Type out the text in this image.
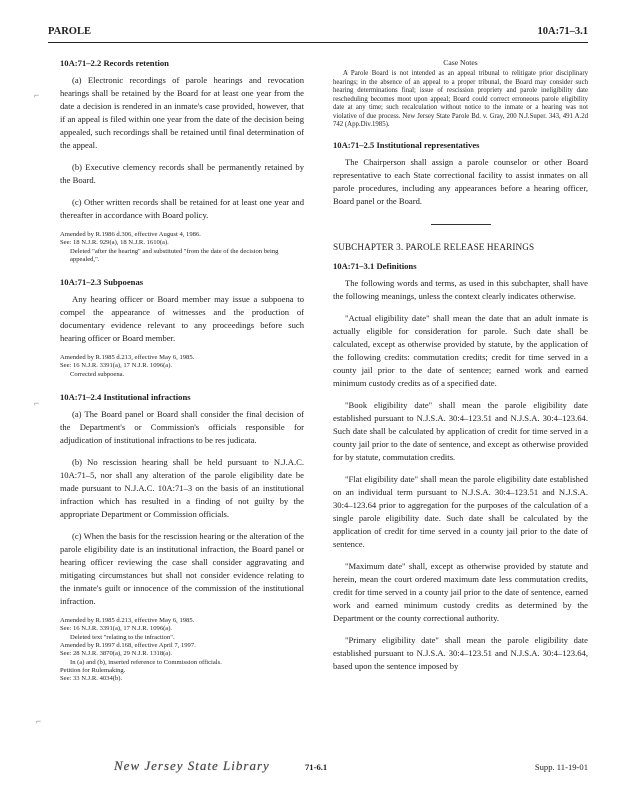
PAROLE	10A:71–3.1
⌐
⌐
⌐
10A:71–2.2 Records retention
(a) Electronic recordings of parole hearings and revocation hearings shall be retained by the Board for at least one year from the date a decision is rendered in an inmate's case provided, however, that if an appeal is filed within one year from the date of the decision being appealed, such recordings shall be retained until final determination of the appeal.
(b) Executive clemency records shall be permanently retained by the Board.
(c) Other written records shall be retained for at least one year and thereafter in accordance with Board policy.
Amended by R.1986 d.306, effective August 4, 1986.
See: 18 N.J.R. 929(a), 18 N.J.R. 1610(a).
Deleted "after the hearing" and substituted "from the date of the decision being appealed,".
10A:71–2.3 Subpoenas
Any hearing officer or Board member may issue a subpoena to compel the appearance of witnesses and the production of documentary evidence relevant to any proceedings before such hearing officer or Board member.
Amended by R.1985 d.213, effective May 6, 1985.
See: 16 N.J.R. 3391(a), 17 N.J.R. 1096(a).
Corrected subpoena.
10A:71–2.4 Institutional infractions
(a) The Board panel or Board shall consider the final decision of the Department's or Commission's officials responsible for adjudication of institutional infractions to be res judicata.
(b) No rescission hearing shall be held pursuant to N.J.A.C. 10A:71–5, nor shall any alteration of the parole eligibility date be made pursuant to N.J.A.C. 10A:71–3 on the basis of an institutional infraction which has resulted in a finding of not guilty by the appropriate Department or Commission officials.
(c) When the basis for the rescission hearing or the alteration of the parole eligibility date is an institutional infraction, the Board panel or hearing officer reviewing the case shall consider aggravating and mitigating circumstances but shall not consider evidence relating to the inmate's guilt or innocence of the commission of the institutional infraction.
Amended by R.1985 d.213, effective May 6, 1985.
See: 16 N.J.R. 3391(a), 17 N.J.R. 1096(a).
Deleted text "relating to the infraction".
Amended by R.1997 d.168, effective April 7, 1997.
See: 28 N.J.R. 3870(a), 29 N.J.R. 1318(a).
In (a) and (b), inserted reference to Commission officials.
Petition for Rulemaking.
See: 33 N.J.R. 4034(b).
Case Notes
A Parole Board is not intended as an appeal tribunal to relitigate prior disciplinary hearings; in the absence of an appeal to a proper tribunal, the Board may consider such hearing determinations final; issue of rescission propriety and parole ineligibility date rescheduling becomes moot upon appeal; Board could correct erroneous parole eligibility date at any time; such recalculation without notice to the inmate or a hearing was not violative of due process. New Jersey State Parole Bd. v. Gray, 200 N.J.Super. 343, 491 A.2d 742 (App.Div.1985).
10A:71–2.5 Institutional representatives
The Chairperson shall assign a parole counselor or other Board representative to each State correctional facility to assist inmates on all parole procedures, including any appearances before a hearing officer, Board panel or the Board.
SUBCHAPTER 3. PAROLE RELEASE HEARINGS
10A:71–3.1 Definitions
The following words and terms, as used in this subchapter, shall have the following meanings, unless the context clearly indicates otherwise.
"Actual eligibility date" shall mean the date that an adult inmate is actually eligible for consideration for parole. Such date shall be calculated, except as otherwise provided by statute, by the application of the following credits: commutation credits; credit for time served in a county jail prior to the date of sentence; earned work and earned minimum custody credits as of a specified date.
"Book eligibility date" shall mean the parole eligibility date established pursuant to N.J.S.A. 30:4–123.51 and N.J.S.A. 30:4–123.64. Such date shall be calculated by application of credit for time served in a county jail prior to the date of sentence, and except as otherwise provided for by statute, commutation credits.
"Flat eligibility date" shall mean the parole eligibility date established on an individual term pursuant to N.J.S.A. 30:4–123.51 and N.J.S.A. 30:4–123.64 prior to aggregation for the purposes of the calculation of a single parole eligibility date. Such date shall be calculated by the application of credit for time served in a county jail prior to the date of sentence.
"Maximum date" shall, except as otherwise provided by statute and herein, mean the court ordered maximum date less commutation credits, credit for time served in a county jail prior to the date of sentence, earned work and earned minimum custody credits as determined by the Department or the county correctional authority.
"Primary eligibility date" shall mean the parole eligibility date established pursuant to N.J.S.A. 30:4–123.51 and N.J.S.A. 30:4–123.64, based upon the sentence imposed by
New Jersey State Library	71-6.1	Supp. 11-19-01
